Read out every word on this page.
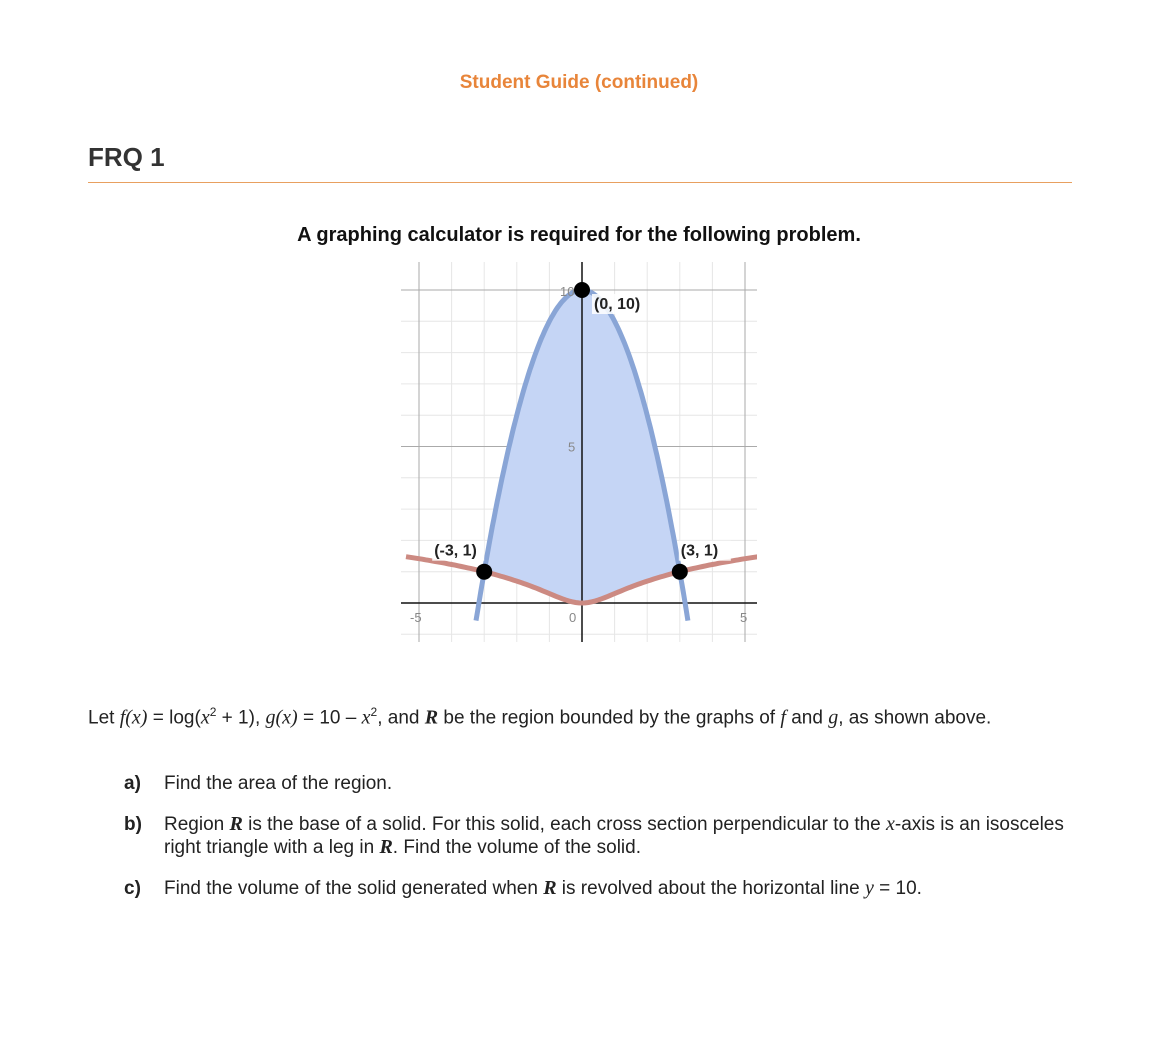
Student Guide (continued)
FRQ 1
A graphing calculator is required for the following problem.
-5	5
0
5
10
(0, 10)
(-3, 1)	(3, 1)
Let $f(x) = \log(x^2 + 1)$, $g(x) = 10 - x^2$, and R be the region bounded by the graphs of f and g, as shown above.
a) Find the area of the region.
b) Region R is the base of a solid. For this solid, each cross section perpendicular to the x-axis is an isosceles right triangle with a leg in R. Find the volume of the solid.
c) Find the volume of the solid generated when R is revolved about the horizontal line y = 10.
